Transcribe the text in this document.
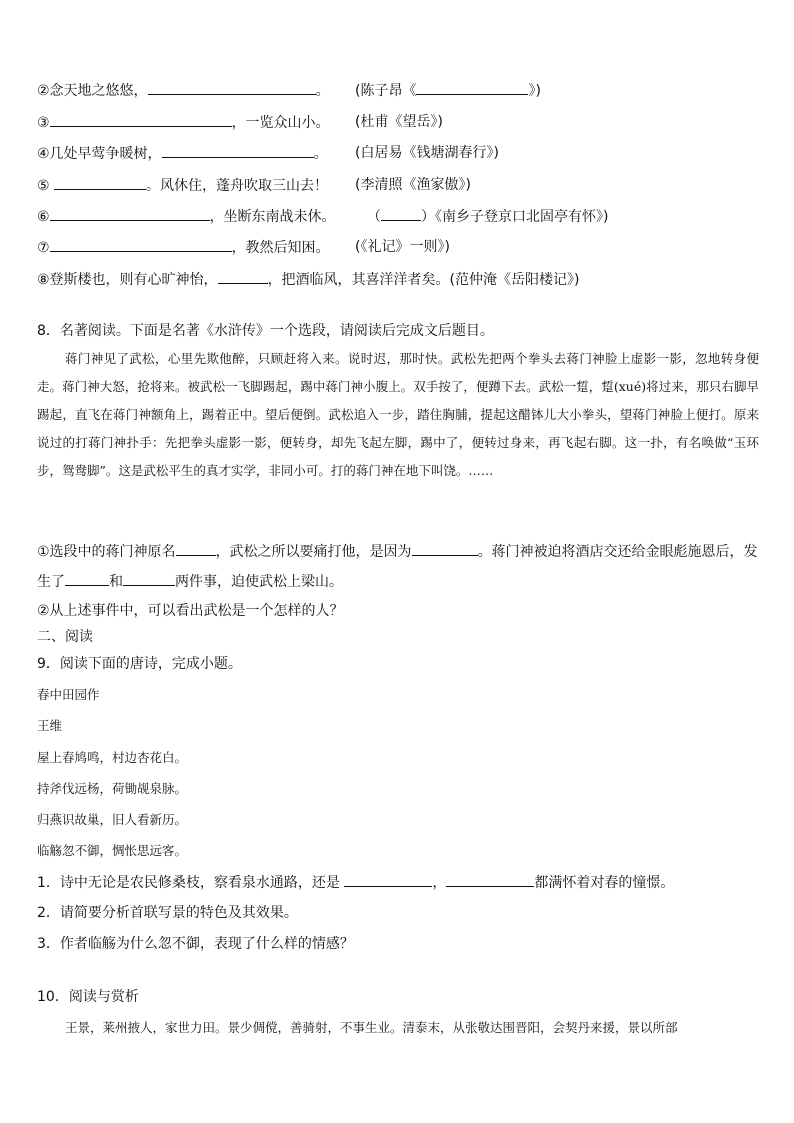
②念天地之悠悠，	。 (陈子昂《	》)
③	，一览众山小。 (杜甫《望岳》)
④几处早莺争暖树，	。 (白居易《钱塘湖春行》)
⑤	。风休住，蓬舟吹取三山去！ (李清照《渔家傲》)
⑥	，坐断东南战未休。 （	）《南乡子登京口北固亭有怀》)
⑦	，教然后知困。 (《礼记》一则》)
⑧登斯楼也，则有心旷神怡，	，把酒临风，其喜洋洋者矣。(范仲淹《岳阳楼记》)
8．名著阅读。下面是名著《水浒传》一个选段，请阅读后完成文后题目。
蒋门神见了武松，心里先欺他醉，只顾赶将入来。说时迟，那时快。武松先把两个拳头去蒋门神脸上虚影一影，忽地转身便走。蒋门神大怒，抢将来。被武松一飞脚踢起，踢中蒋门神小腹上。双手按了，便蹲下去。武松一踅，踅(xué)将过来，那只右脚早踢起，直飞在蒋门神额角上，踢着正中。望后便倒。武松追入一步，踏住胸脯，提起这醋钵儿大小拳头，望蒋门神脸上便打。原来说过的打蒋门神扑手：先把拳头虚影一影，便转身，却先飞起左脚，踢中了，便转过身来，再飞起右脚。这一扑，有名唤做“玉环步，鸳鸯脚”。这是武松平生的真才实学，非同小可。打的蒋门神在地下叫饶。……
①选段中的蒋门神原名	，武松之所以要痛打他，是因为	。蒋门神被迫将酒店交还给金眼彪施恩后，发
生了	和	两件事，迫使武松上梁山。
②从上述事件中，可以看出武松是一个怎样的人？
二、阅读
9．阅读下面的唐诗，完成小题。
春中田园作
王维
屋上春鸠鸣，村边杏花白。
持斧伐远杨，荷锄觇泉脉。
归燕识故巢，旧人看新历。
临觞忽不御，惆怅思远客。
1．诗中无论是农民修桑枝，察看泉水通路，还是	，	都满怀着对春的憧憬。
2．请简要分析首联写景的特色及其效果。
3．作者临觞为什么忽不御，表现了什么样的情感？
10．阅读与赏析
王景，莱州掖人，家世力田。景少倜傥，善骑射，不事生业。清泰末，从张敬达围晋阳，会契丹来援，景以所部
